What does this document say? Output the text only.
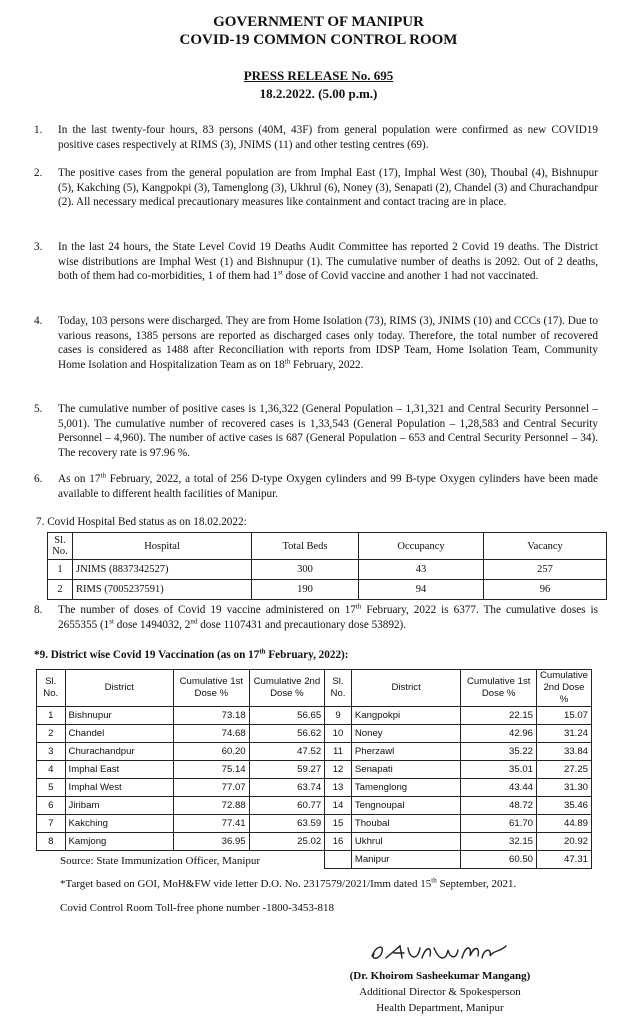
GOVERNMENT OF MANIPUR
COVID-19 COMMON CONTROL ROOM
PRESS RELEASE No. 695
18.2.2022. (5.00 p.m.)
1. In the last twenty-four hours, 83 persons (40M, 43F) from general population were confirmed as new COVID19 positive cases respectively at RIMS (3), JNIMS (11) and other testing centres (69).
2. The positive cases from the general population are from Imphal East (17), Imphal West (30), Thoubal (4), Bishnupur (5), Kakching (5), Kangpokpi (3), Tamenglong (3), Ukhrul (6), Noney (3), Senapati (2), Chandel (3) and Churachandpur (2). All necessary medical precautionary measures like containment and contact tracing are in place.
3. In the last 24 hours, the State Level Covid 19 Deaths Audit Committee has reported 2 Covid 19 deaths. The District wise distributions are Imphal West (1) and Bishnupur (1). The cumulative number of deaths is 2092. Out of 2 deaths, both of them had co-morbidities, 1 of them had 1st dose of Covid vaccine and another 1 had not vaccinated.
4. Today, 103 persons were discharged. They are from Home Isolation (73), RIMS (3), JNIMS (10) and CCCs (17). Due to various reasons, 1385 persons are reported as discharged cases only today. Therefore, the total number of recovered cases is considered as 1488 after Reconciliation with reports from IDSP Team, Home Isolation Team, Community Home Isolation and Hospitalization Team as on 18th February, 2022.
5. The cumulative number of positive cases is 1,36,322 (General Population – 1,31,321 and Central Security Personnel – 5,001). The cumulative number of recovered cases is 1,33,543 (General Population – 1,28,583 and Central Security Personnel – 4,960). The number of active cases is 687 (General Population – 653 and Central Security Personnel – 34). The recovery rate is 97.96 %.
6. As on 17th February, 2022, a total of 256 D-type Oxygen cylinders and 99 B-type Oxygen cylinders have been made available to different health facilities of Manipur.
7. Covid Hospital Bed status as on 18.02.2022:
Sl. No.	Hospital	Total Beds	Occupancy	Vacancy
1	JNIMS (8837342527)	300	43	257
2	RIMS (7005237591)	190	94	96
8. The number of doses of Covid 19 vaccine administered on 17th February, 2022 is 6377. The cumulative doses is 2655355 (1st dose 1494032, 2nd dose 1107431 and precautionary dose 53892).
*9. District wise Covid 19 Vaccination (as on 17th February, 2022):
Sl. No.	District	Cumulative 1st Dose %	Cumulative 2nd Dose %	Sl. No.	District	Cumulative 1st Dose %	Cumulative 2nd Dose %
1	Bishnupur	73.18	56.65	9	Kangpokpi	22.15	15.07
2	Chandel	74.68	56.62	10	Noney	42.96	31.24
3	Churachandpur	60.20	47.52	11	Pherzawl	35.22	33.84
4	Imphal East	75.14	59.27	12	Senapati	35.01	27.25
5	Imphal West	77.07	63.74	13	Tamenglong	43.44	31.30
6	Jiribam	72.88	60.77	14	Tengnoupal	48.72	35.46
7	Kakching	77.41	63.59	15	Thoubal	61.70	44.89
8	Kamjong	36.95	25.02	16	Ukhrul	32.15	20.92
					Manipur	60.50	47.31
Source: State Immunization Officer, Manipur
*Target based on GOI, MoH&FW vide letter D.O. No. 2317579/2021/Imm dated 15th September, 2021.
Covid Control Room Toll-free phone number -1800-3453-818
(Dr. Khoirom Sasheekumar Mangang)
Additional Director & Spokesperson
Health Department, Manipur
